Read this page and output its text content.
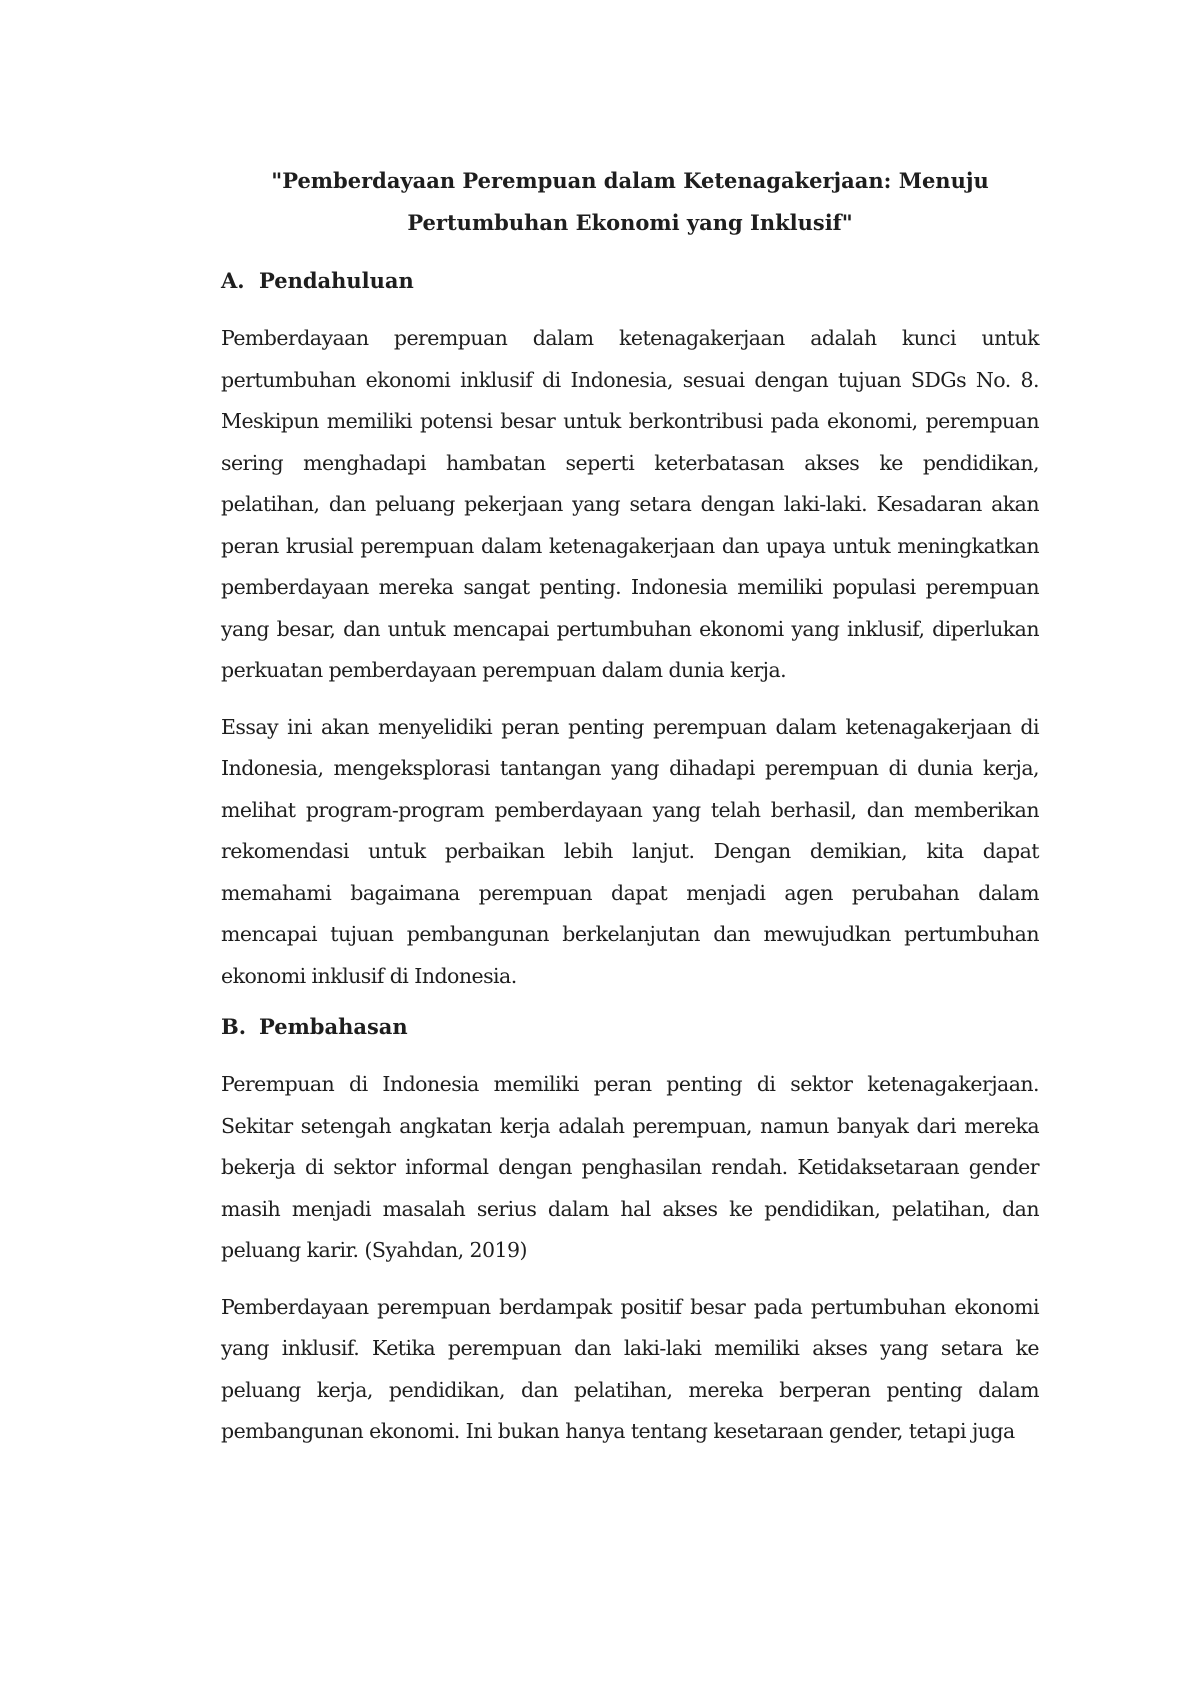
"Pemberdayaan Perempuan dalam Ketenagakerjaan: Menuju Pertumbuhan Ekonomi yang Inklusif"
A. Pendahuluan

Pemberdayaan perempuan dalam ketenagakerjaan adalah kunci untuk pertumbuhan ekonomi inklusif di Indonesia, sesuai dengan tujuan SDGs No. 8. Meskipun memiliki potensi besar untuk berkontribusi pada ekonomi, perempuan sering menghadapi hambatan seperti keterbatasan akses ke pendidikan, pelatihan, dan peluang pekerjaan yang setara dengan laki-laki. Kesadaran akan peran krusial perempuan dalam ketenagakerjaan dan upaya untuk meningkatkan pemberdayaan mereka sangat penting. Indonesia memiliki populasi perempuan yang besar, dan untuk mencapai pertumbuhan ekonomi yang inklusif, diperlukan perkuatan pemberdayaan perempuan dalam dunia kerja.

Essay ini akan menyelidiki peran penting perempuan dalam ketenagakerjaan di Indonesia, mengeksplorasi tantangan yang dihadapi perempuan di dunia kerja, melihat program-program pemberdayaan yang telah berhasil, dan memberikan rekomendasi untuk perbaikan lebih lanjut. Dengan demikian, kita dapat memahami bagaimana perempuan dapat menjadi agen perubahan dalam mencapai tujuan pembangunan berkelanjutan dan mewujudkan pertumbuhan ekonomi inklusif di Indonesia.

B. Pembahasan

Perempuan di Indonesia memiliki peran penting di sektor ketenagakerjaan. Sekitar setengah angkatan kerja adalah perempuan, namun banyak dari mereka bekerja di sektor informal dengan penghasilan rendah. Ketidaksetaraan gender masih menjadi masalah serius dalam hal akses ke pendidikan, pelatihan, dan peluang karir. (Syahdan, 2019)

Pemberdayaan perempuan berdampak positif besar pada pertumbuhan ekonomi yang inklusif. Ketika perempuan dan laki-laki memiliki akses yang setara ke peluang kerja, pendidikan, dan pelatihan, mereka berperan penting dalam pembangunan ekonomi. Ini bukan hanya tentang kesetaraan gender, tetapi juga
